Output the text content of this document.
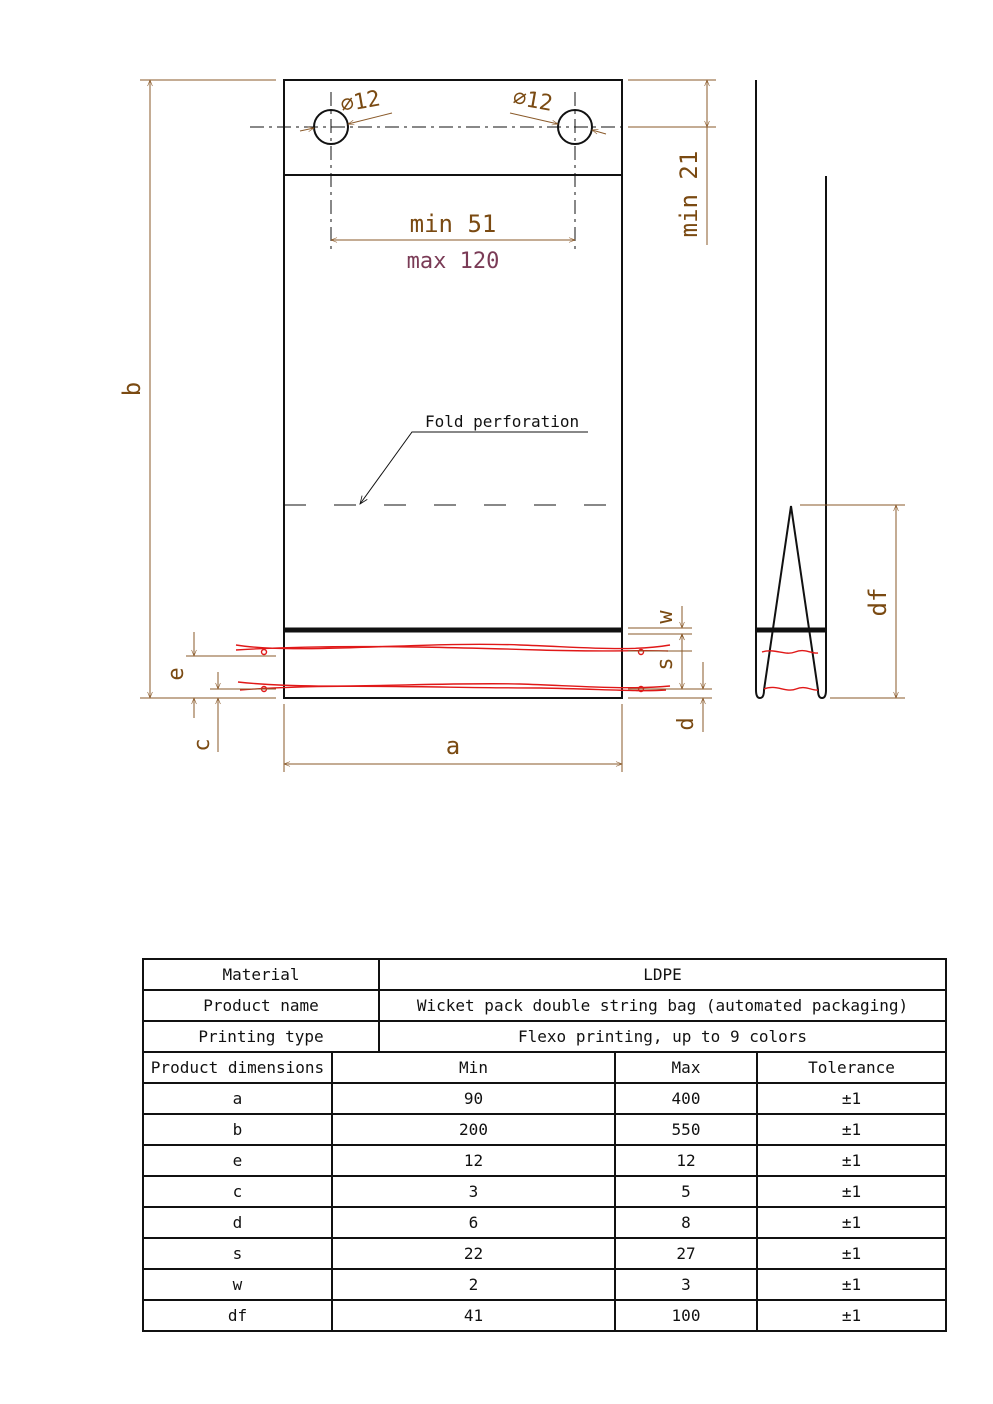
Fold perforation
⌀12	⌀12
min 51
max 120
min 21
b
e
c	a
w
s
d
df
Material		LDPE		
Product name		Wicket pack double string bag (automated packaging)		
Printing type		Flexo printing, up to 9 colors		
Product dimensions	Min		Max	Tolerance
a	90		400	±1
b	200		550	±1
e	12		12	±1
c	3		5	±1
d	6		8	±1
s	22		27	±1
w	2		3	±1
df	41		100	±1
